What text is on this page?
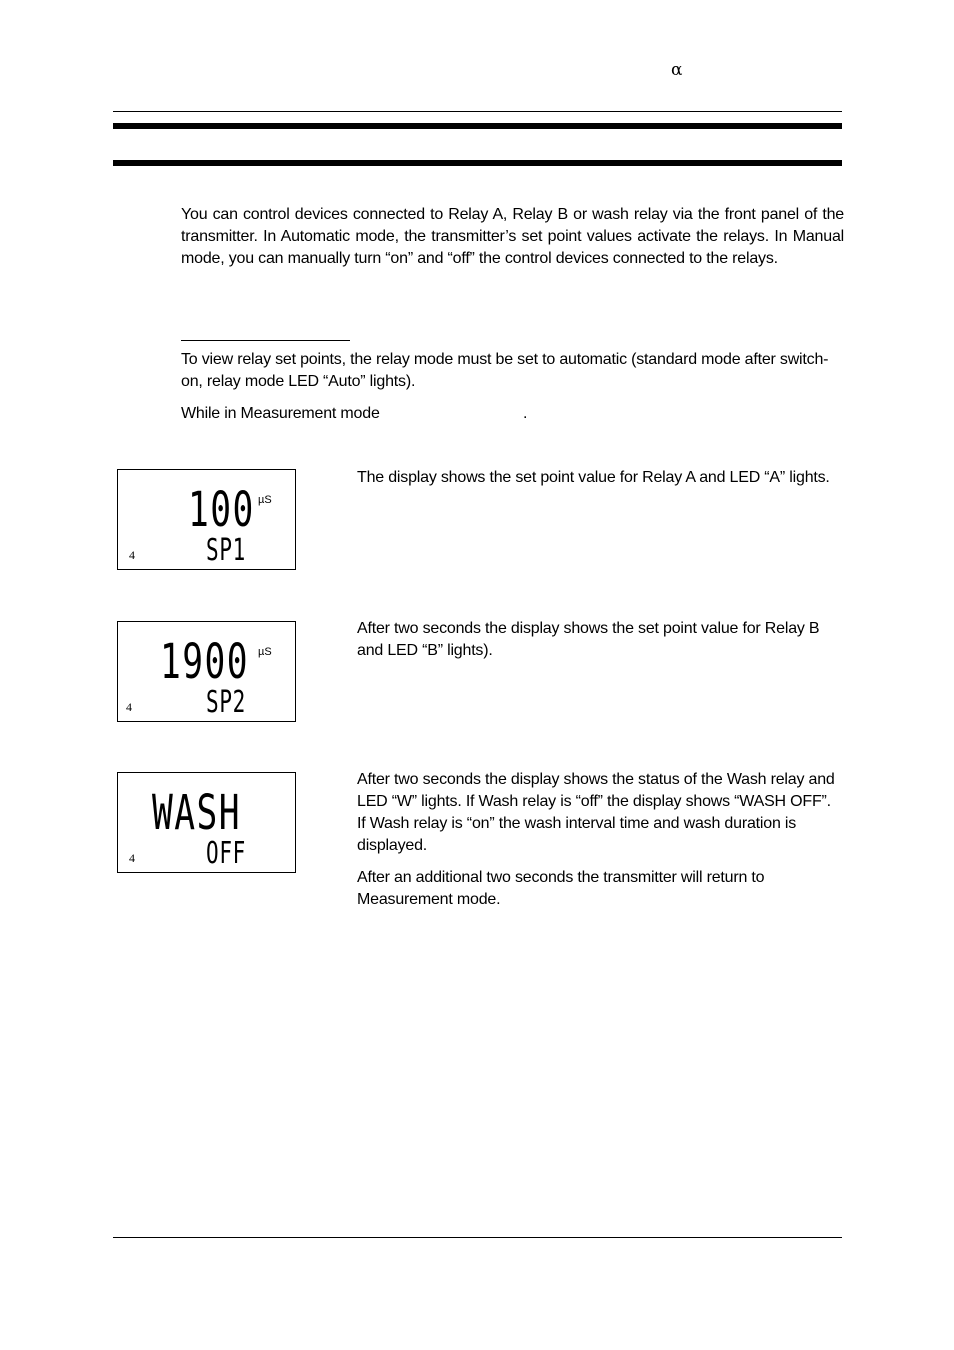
α
You can control devices connected to Relay A, Relay B or wash relay via the front panel of the transmitter. In Automatic mode, the transmitter’s set point values activate the relays. In Manual mode, you can manually turn “on” and “off” the control devices connected to the relays.
To view relay set points, the relay mode must be set to automatic (standard mode after switch-on, relay mode LED “Auto” lights).
While in Measurement mode	.
100 µS
4 SP1
The display shows the set point value for Relay A and LED “A” lights.
1900 µS
4 SP2
After two seconds the display shows the set point value for Relay B and LED “B” lights).
WASH
4 OFF
After two seconds the display shows the status of the Wash relay and LED “W” lights. If Wash relay is “off” the display shows “WASH OFF”. If Wash relay is “on” the wash interval time and wash duration is displayed.
After an additional two seconds the transmitter will return to Measurement mode.
